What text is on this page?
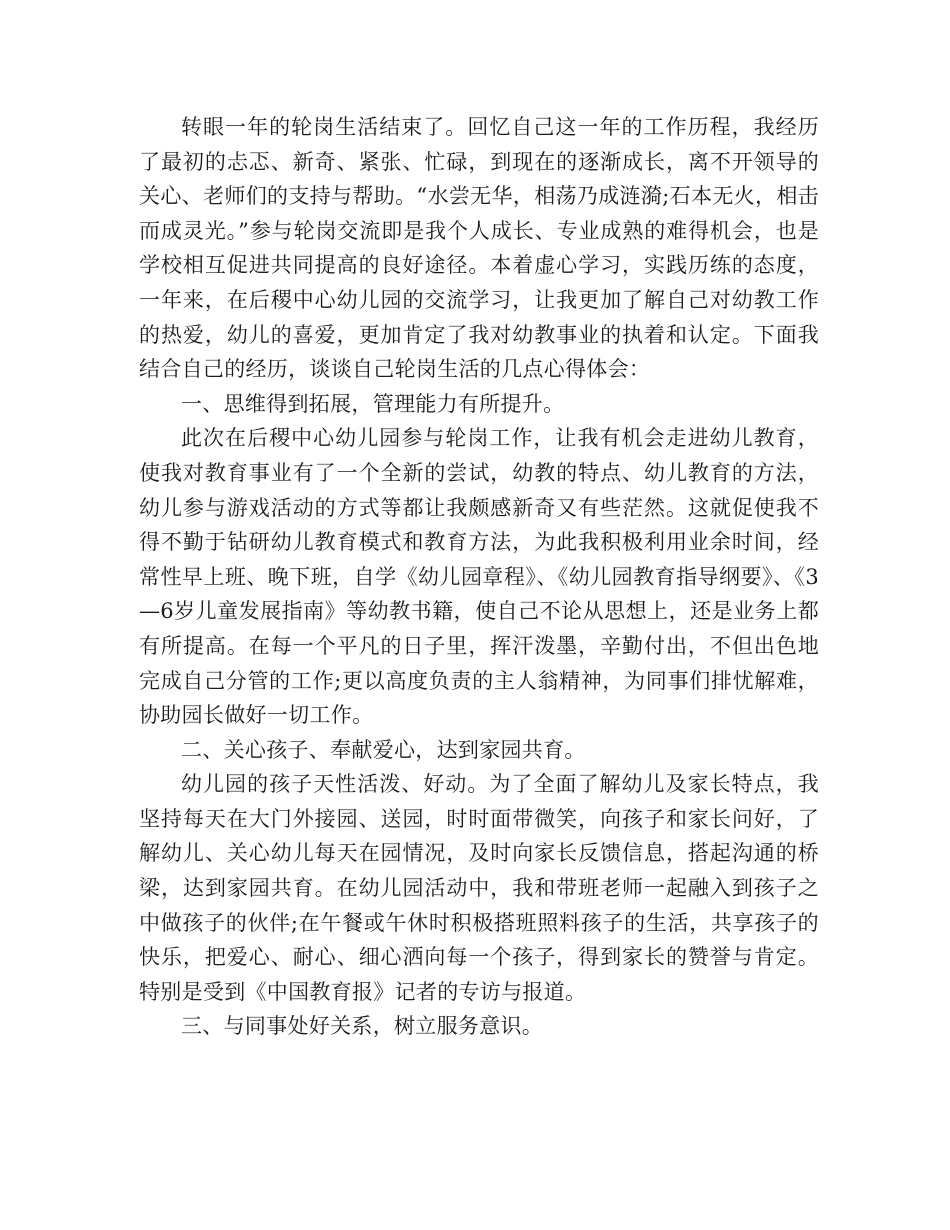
转眼一年的轮岗生活结束了。回忆自己这一年的工作历程，我经历了最初的忐忑、新奇、紧张、忙碌，到现在的逐渐成长，离不开领导的关心、老师们的支持与帮助。“水尝无华，相荡乃成涟漪;石本无火，相击而成灵光。”参与轮岗交流即是我个人成长、专业成熟的难得机会，也是学校相互促进共同提高的良好途径。本着虚心学习，实践历练的态度，一年来，在后稷中心幼儿园的交流学习，让我更加了解自己对幼教工作的热爱，幼儿的喜爱，更加肯定了我对幼教事业的执着和认定。下面我结合自己的经历，谈谈自己轮岗生活的几点心得体会：

一、思维得到拓展，管理能力有所提升。

此次在后稷中心幼儿园参与轮岗工作，让我有机会走进幼儿教育，使我对教育事业有了一个全新的尝试，幼教的特点、幼儿教育的方法，幼儿参与游戏活动的方式等都让我颇感新奇又有些茫然。这就促使我不得不勤于钻研幼儿教育模式和教育方法，为此我积极利用业余时间，经常性早上班、晚下班，自学《幼儿园章程》、《幼儿园教育指导纲要》、《3—6岁儿童发展指南》等幼教书籍，使自己不论从思想上，还是业务上都有所提高。在每一个平凡的日子里，挥汗泼墨，辛勤付出，不但出色地完成自己分管的工作;更以高度负责的主人翁精神，为同事们排忧解难，协助园长做好一切工作。

二、关心孩子、奉献爱心，达到家园共育。

幼儿园的孩子天性活泼、好动。为了全面了解幼儿及家长特点，我坚持每天在大门外接园、送园，时时面带微笑，向孩子和家长问好，了解幼儿、关心幼儿每天在园情况，及时向家长反馈信息，搭起沟通的桥梁，达到家园共育。在幼儿园活动中，我和带班老师一起融入到孩子之中做孩子的伙伴;在午餐或午休时积极搭班照料孩子的生活，共享孩子的快乐，把爱心、耐心、细心洒向每一个孩子，得到家长的赞誉与肯定。特别是受到《中国教育报》记者的专访与报道。

三、与同事处好关系，树立服务意识。
